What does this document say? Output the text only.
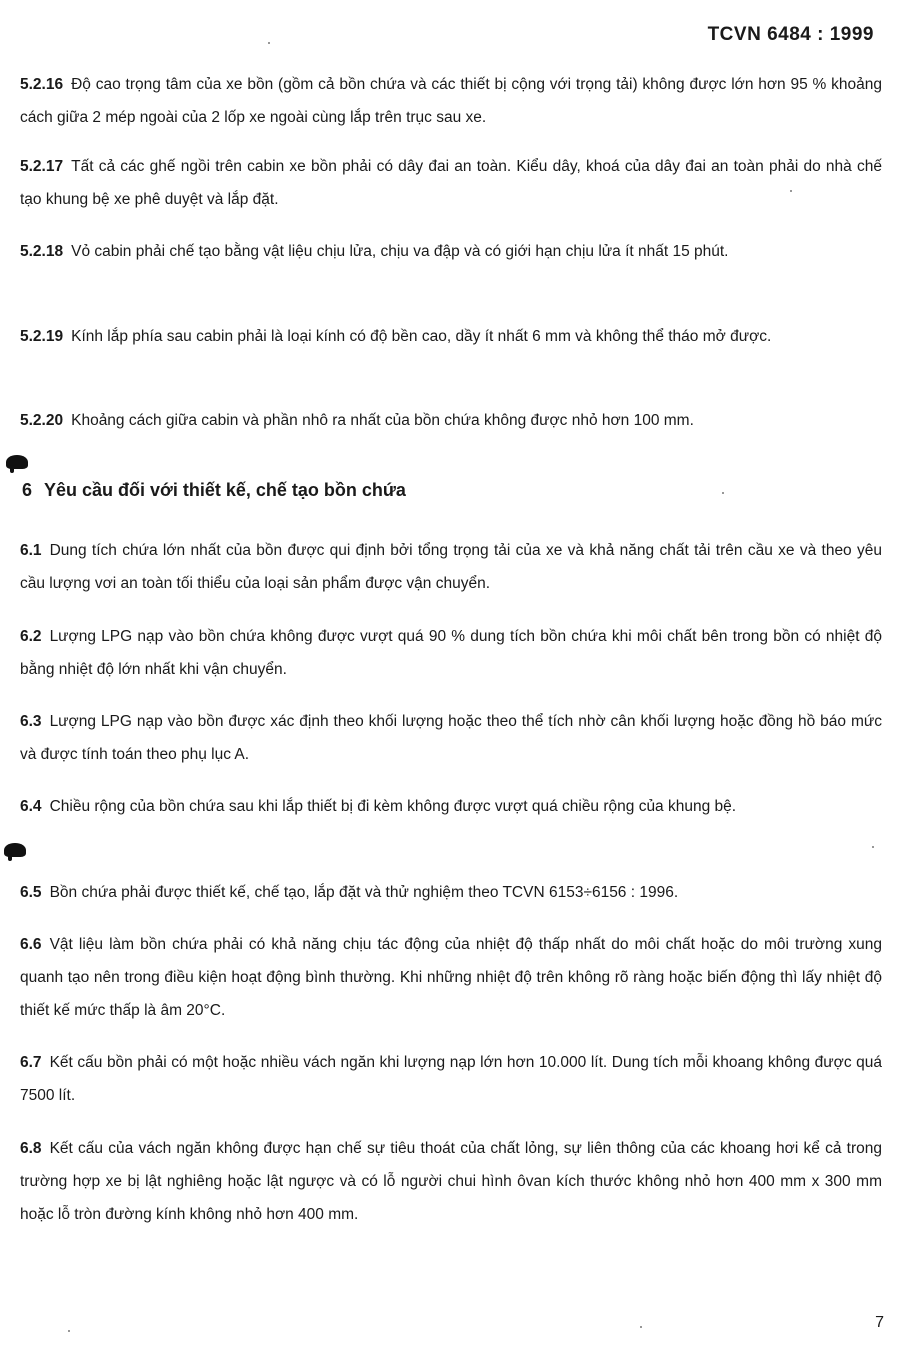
TCVN 6484 : 1999
5.2.16 Độ cao trọng tâm của xe bồn (gồm cả bồn chứa và các thiết bị cộng với trọng tải) không được lớn hơn 95 % khoảng cách giữa 2 mép ngoài của 2 lốp xe ngoài cùng lắp trên trục sau xe.
5.2.17 Tất cả các ghế ngồi trên cabin xe bồn phải có dây đai an toàn. Kiểu dây, khoá của dây đai an toàn phải do nhà chế tạo khung bệ xe phê duyệt và lắp đặt.
5.2.18 Vỏ cabin phải chế tạo bằng vật liệu chịu lửa, chịu va đập và có giới hạn chịu lửa ít nhất 15 phút.
5.2.19 Kính lắp phía sau cabin phải là loại kính có độ bền cao, dầy ít nhất 6 mm và không thể tháo mở được.
5.2.20 Khoảng cách giữa cabin và phần nhô ra nhất của bồn chứa không được nhỏ hơn 100 mm.
6 Yêu cầu đối với thiết kế, chế tạo bồn chứa
6.1 Dung tích chứa lớn nhất của bồn được qui định bởi tổng trọng tải của xe và khả năng chất tải trên cầu xe và theo yêu cầu lượng vơi an toàn tối thiểu của loại sản phẩm được vận chuyển.
6.2 Lượng LPG nạp vào bồn chứa không được vượt quá 90 % dung tích bồn chứa khi môi chất bên trong bồn có nhiệt độ bằng nhiệt độ lớn nhất khi vận chuyển.
6.3 Lượng LPG nạp vào bồn được xác định theo khối lượng hoặc theo thể tích nhờ cân khối lượng hoặc đồng hồ báo mức và được tính toán theo phụ lục A.
6.4 Chiều rộng của bồn chứa sau khi lắp thiết bị đi kèm không được vượt quá chiều rộng của khung bệ.
6.5 Bồn chứa phải được thiết kế, chế tạo, lắp đặt và thử nghiệm theo TCVN 6153÷6156 : 1996.
6.6 Vật liệu làm bồn chứa phải có khả năng chịu tác động của nhiệt độ thấp nhất do môi chất hoặc do môi trường xung quanh tạo nên trong điều kiện hoạt động bình thường. Khi những nhiệt độ trên không rõ ràng hoặc biến động thì lấy nhiệt độ thiết kế mức thấp là âm 20°C.
6.7 Kết cấu bồn phải có một hoặc nhiều vách ngăn khi lượng nạp lớn hơn 10.000 lít. Dung tích mỗi khoang không được quá 7500 lít.
6.8 Kết cấu của vách ngăn không được hạn chế sự tiêu thoát của chất lỏng, sự liên thông của các khoang hơi kể cả trong trường hợp xe bị lật nghiêng hoặc lật ngược và có lỗ người chui hình ôvan kích thước không nhỏ hơn 400 mm x 300 mm hoặc lỗ tròn đường kính không nhỏ hơn 400 mm.
7
